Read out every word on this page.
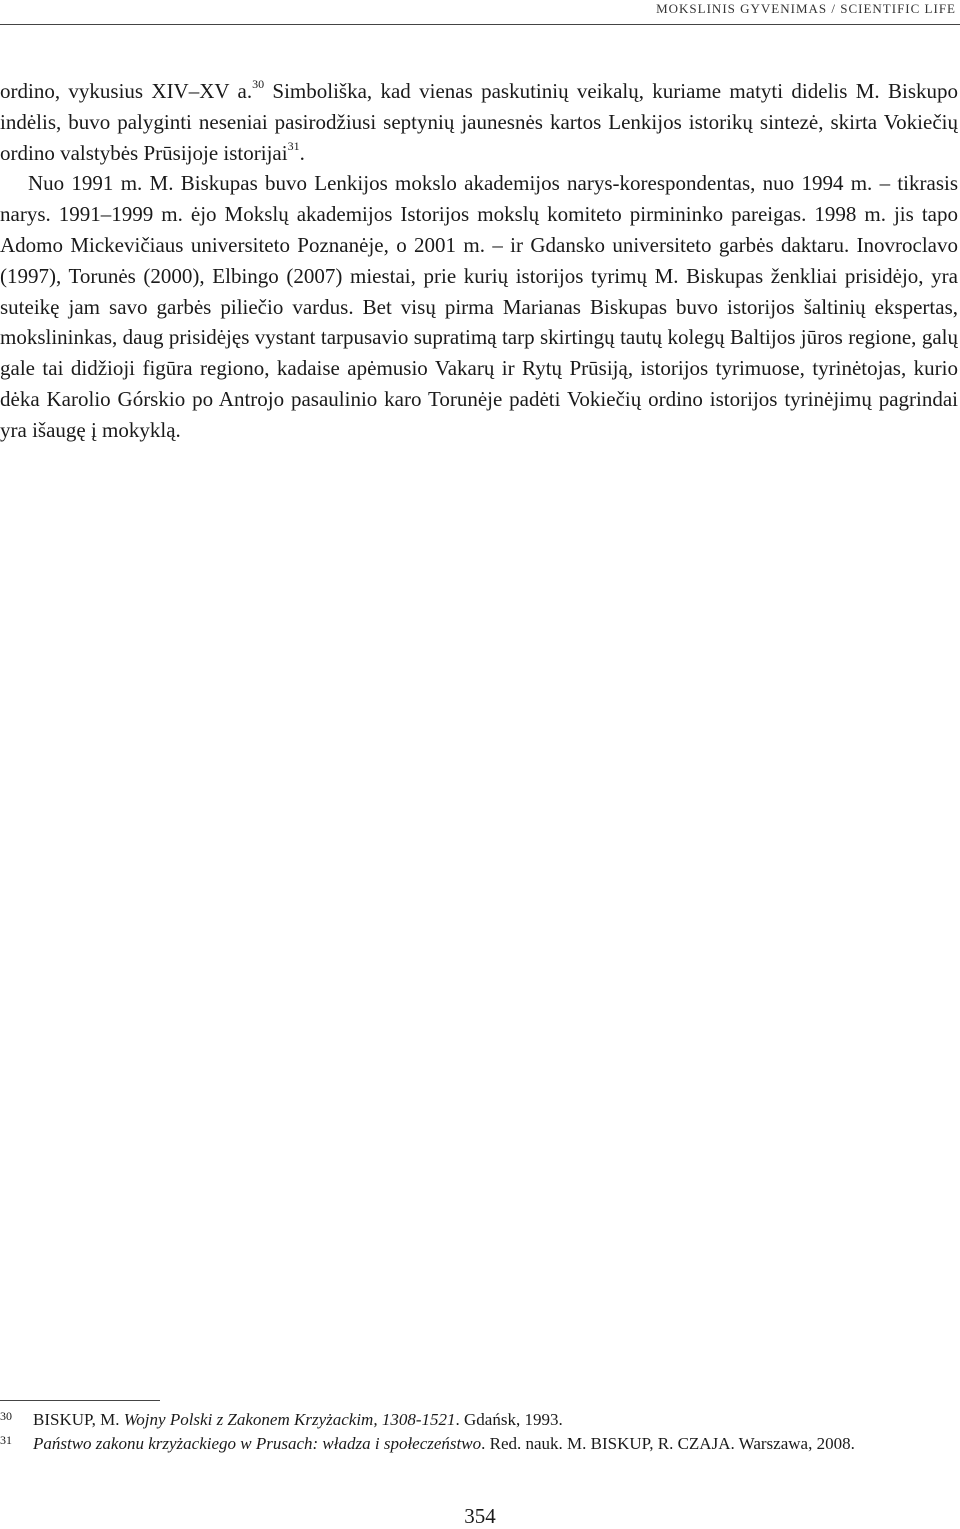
MOKSLINIS GYVENIMAS / SCIENTIFIC LIFE

ordino, vykusius XIV–XV a.$^{30}$ Simboliška, kad vienas paskutinių veikalų, kuriame matyti didelis M. Biskupo indėlis, buvo palyginti neseniai pasirodžiusi septynių jaunesnės kartos Lenkijos istorikų sintezė, skirta Vokiečių ordino valstybės Prūsijoje istorijai$^{31}$.

Nuo 1991 m. M. Biskupas buvo Lenkijos mokslo akademijos narys-korespondentas, nuo 1994 m. – tikrasis narys. 1991–1999 m. ėjo Mokslų akademijos Istorijos mokslų komiteto pirmininko pareigas. 1998 m. jis tapo Adomo Mickevičiaus universiteto Poznanėje, o 2001 m. – ir Gdansko universiteto garbės daktaru. Inovroclavo (1997), Torunės (2000), Elbingo (2007) miestai, prie kurių istorijos tyrimų M. Biskupas ženkliai prisidėjo, yra suteikę jam savo garbės piliečio vardus. Bet visų pirma Marianas Biskupas buvo istorijos šaltinių ekspertas, mokslininkas, daug prisidėjęs vystant tarpusavio supratimą tarp skirtingų tautų kolegų Baltijos jūros regione, galų gale tai didžioji figūra regiono, kadaise apėmusio Vakarų ir Rytų Prūsiją, istorijos tyrimuose, tyrinėtojas, kurio dėka Karolio Górskio po Antrojo pasaulinio karo Torunėje padėti Vokiečių ordino istorijos tyrinėjimų pagrindai yra išaugę į mokyklą.

30 BISKUP, M. Wojny Polski z Zakonem Krzyżackim, 1308-1521. Gdańsk, 1993.
31 Państwo zakonu krzyżackiego w Prusach: władza i społeczeństwo. Red. nauk. M. BISKUP, R. CZAJA. Warszawa, 2008.
354
